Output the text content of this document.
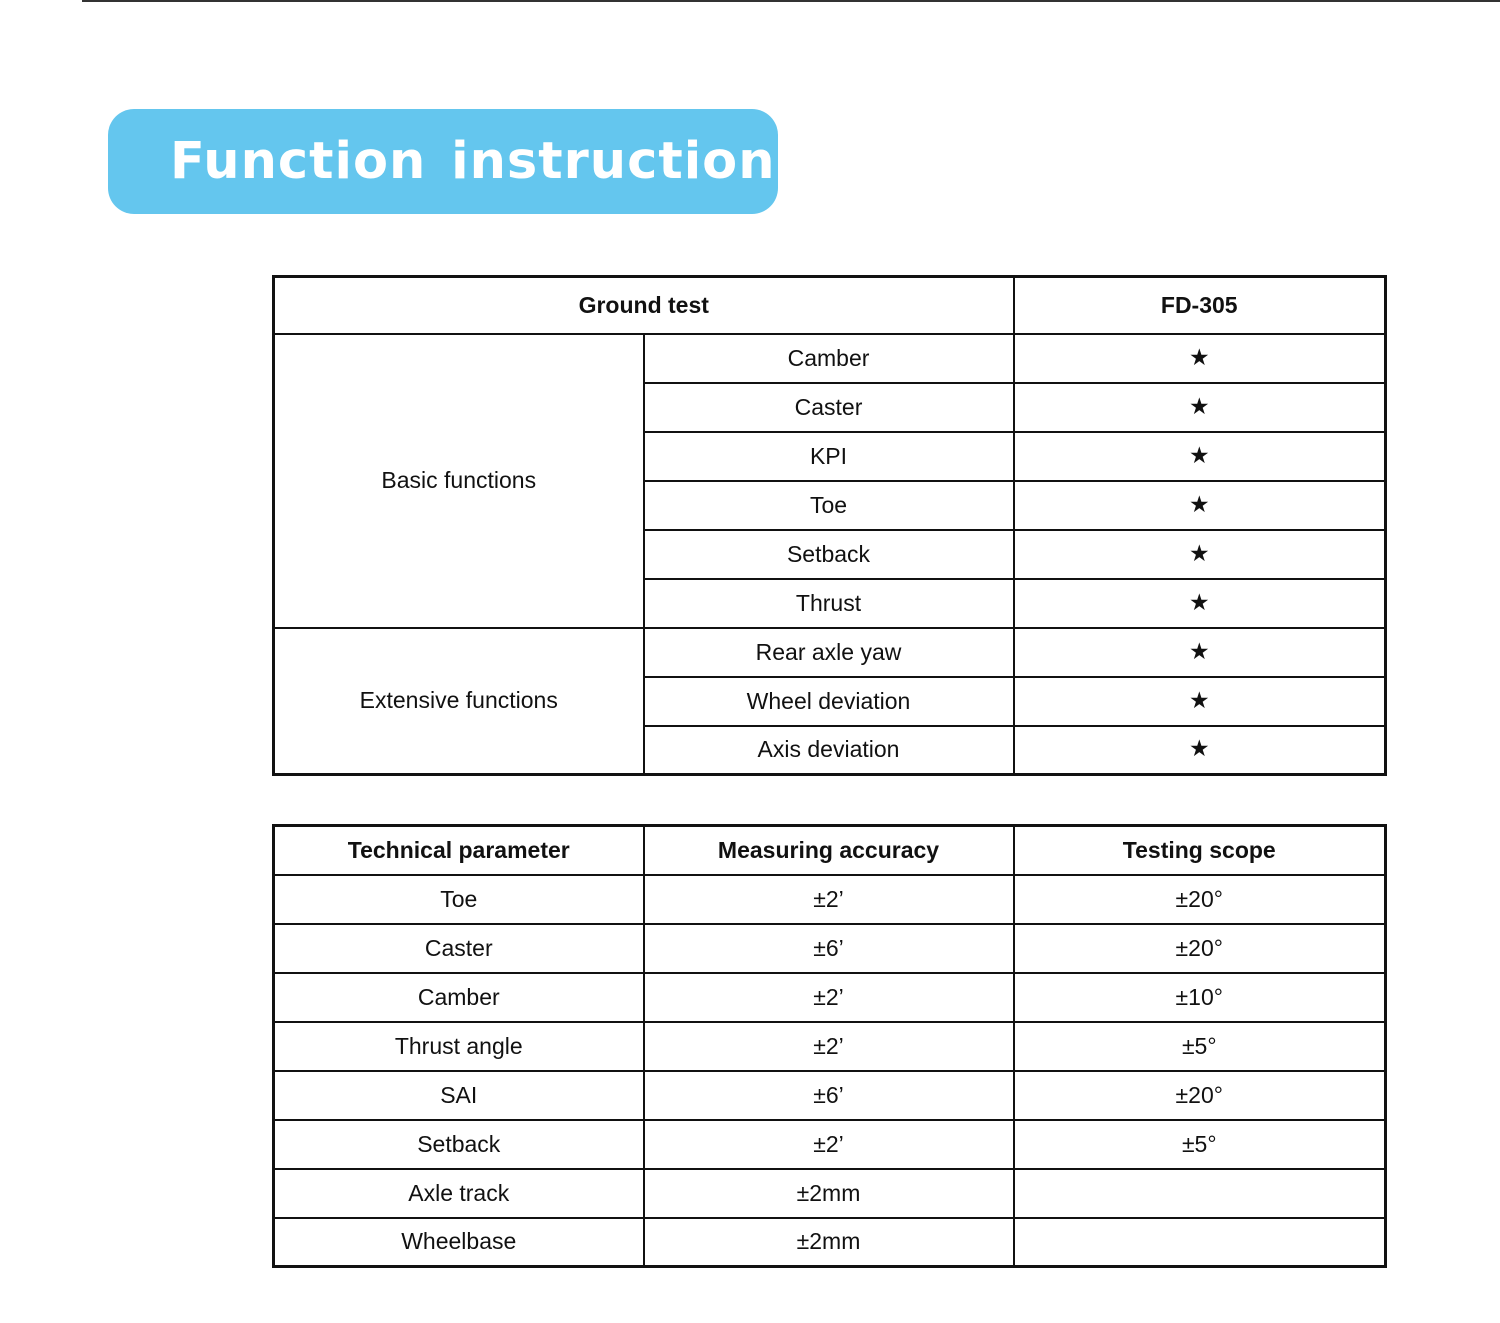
Function instruction
Ground test		FD-305
Basic functions	Camber	★
	Caster	★
	KPI	★
	Toe	★
	Setback	★
	Thrust	★
Extensive functions	Rear axle yaw	★
	Wheel deviation	★
	Axis deviation	★
Technical parameter	Measuring accuracy	Testing scope
Toe	±2’	±20°
Caster	±6’	±20°
Camber	±2’	±10°
Thrust angle	±2’	±5°
SAI	±6’	±20°
Setback	±2’	±5°
Axle track	±2mm	
Wheelbase	±2mm	
